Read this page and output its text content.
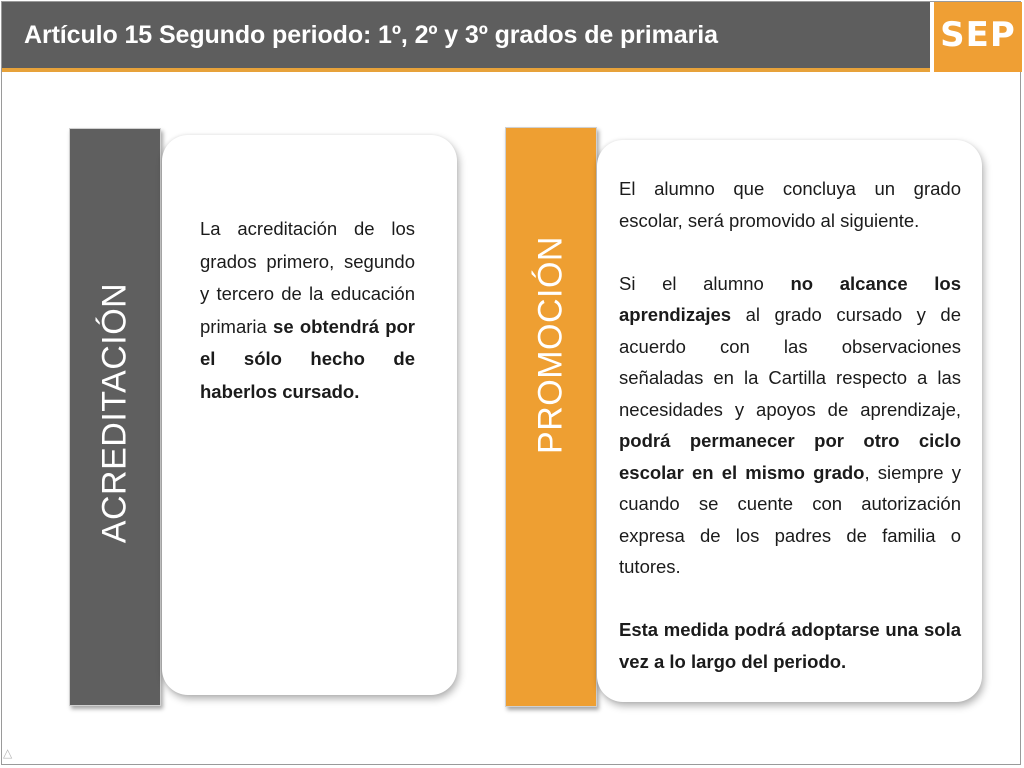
Artículo 15 Segundo periodo: 1º, 2º y 3º grados de primaria	SEP
ACREDITACIÓN

La acreditación de los grados primero, segundo y tercero de la educación primaria se obtendrá por el sólo hecho de haberlos cursado.	PROMOCIÓN

El alumno que concluya un grado escolar, será promovido al siguiente.

Si el alumno no alcance los aprendizajes al grado cursado y de acuerdo con las observaciones señaladas en la Cartilla respecto a las necesidades y apoyos de aprendizaje, podrá permanecer por otro ciclo escolar en el mismo grado, siempre y cuando se cuente con autorización expresa de los padres de familia o tutores.

Esta medida podrá adoptarse una sola vez a lo largo del periodo.

△
